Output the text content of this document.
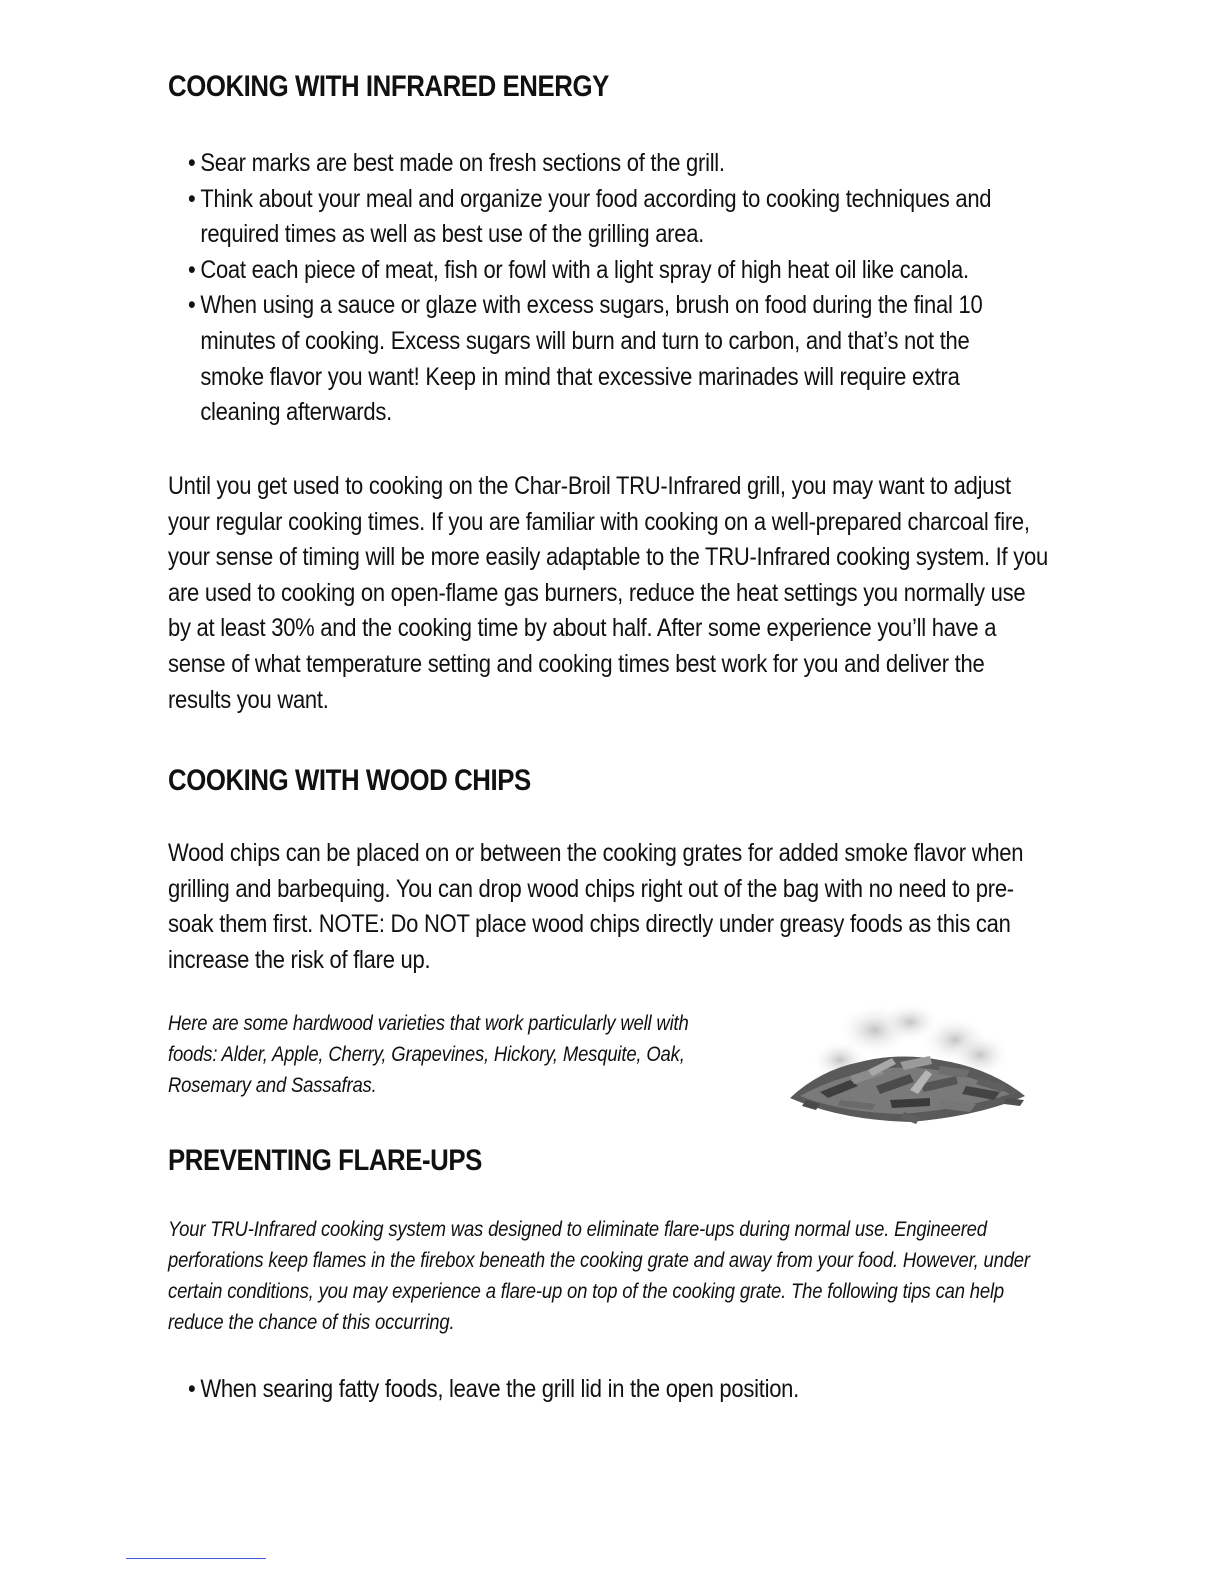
COOKING WITH INFRARED ENERGY
• Sear marks are best made on fresh sections of the grill.
• Think about your meal and organize your food according to cooking techniques and required times as well as best use of the grilling area.
• Coat each piece of meat, fish or fowl with a light spray of high heat oil like canola.
• When using a sauce or glaze with excess sugars, brush on food during the final 10 minutes of cooking. Excess sugars will burn and turn to carbon, and that’s not the smoke flavor you want! Keep in mind that excessive marinades will require extra cleaning afterwards.

Until you get used to cooking on the Char-Broil TRU-Infrared grill, you may want to adjust your regular cooking times. If you are familiar with cooking on a well-prepared charcoal fire, your sense of timing will be more easily adaptable to the TRU-Infrared cooking system. If you are used to cooking on open-flame gas burners, reduce the heat settings you normally use by at least 30% and the cooking time by about half. After some experience you’ll have a sense of what temperature setting and cooking times best work for you and deliver the results you want.

COOKING WITH WOOD CHIPS

Wood chips can be placed on or between the cooking grates for added smoke flavor when grilling and barbequing. You can drop wood chips right out of the bag with no need to pre-soak them first. NOTE: Do NOT place wood chips directly under greasy foods as this can increase the risk of flare up.

Here are some hardwood varieties that work particularly well with foods: Alder, Apple, Cherry, Grapevines, Hickory, Mesquite, Oak, Rosemary and Sassafras.

PREVENTING FLARE-UPS

Your TRU-Infrared cooking system was designed to eliminate flare-ups during normal use. Engineered perforations keep flames in the firebox beneath the cooking grate and away from your food. However, under certain conditions, you may experience a flare-up on top of the cooking grate. The following tips can help reduce the chance of this occurring.

• When searing fatty foods, leave the grill lid in the open position.
